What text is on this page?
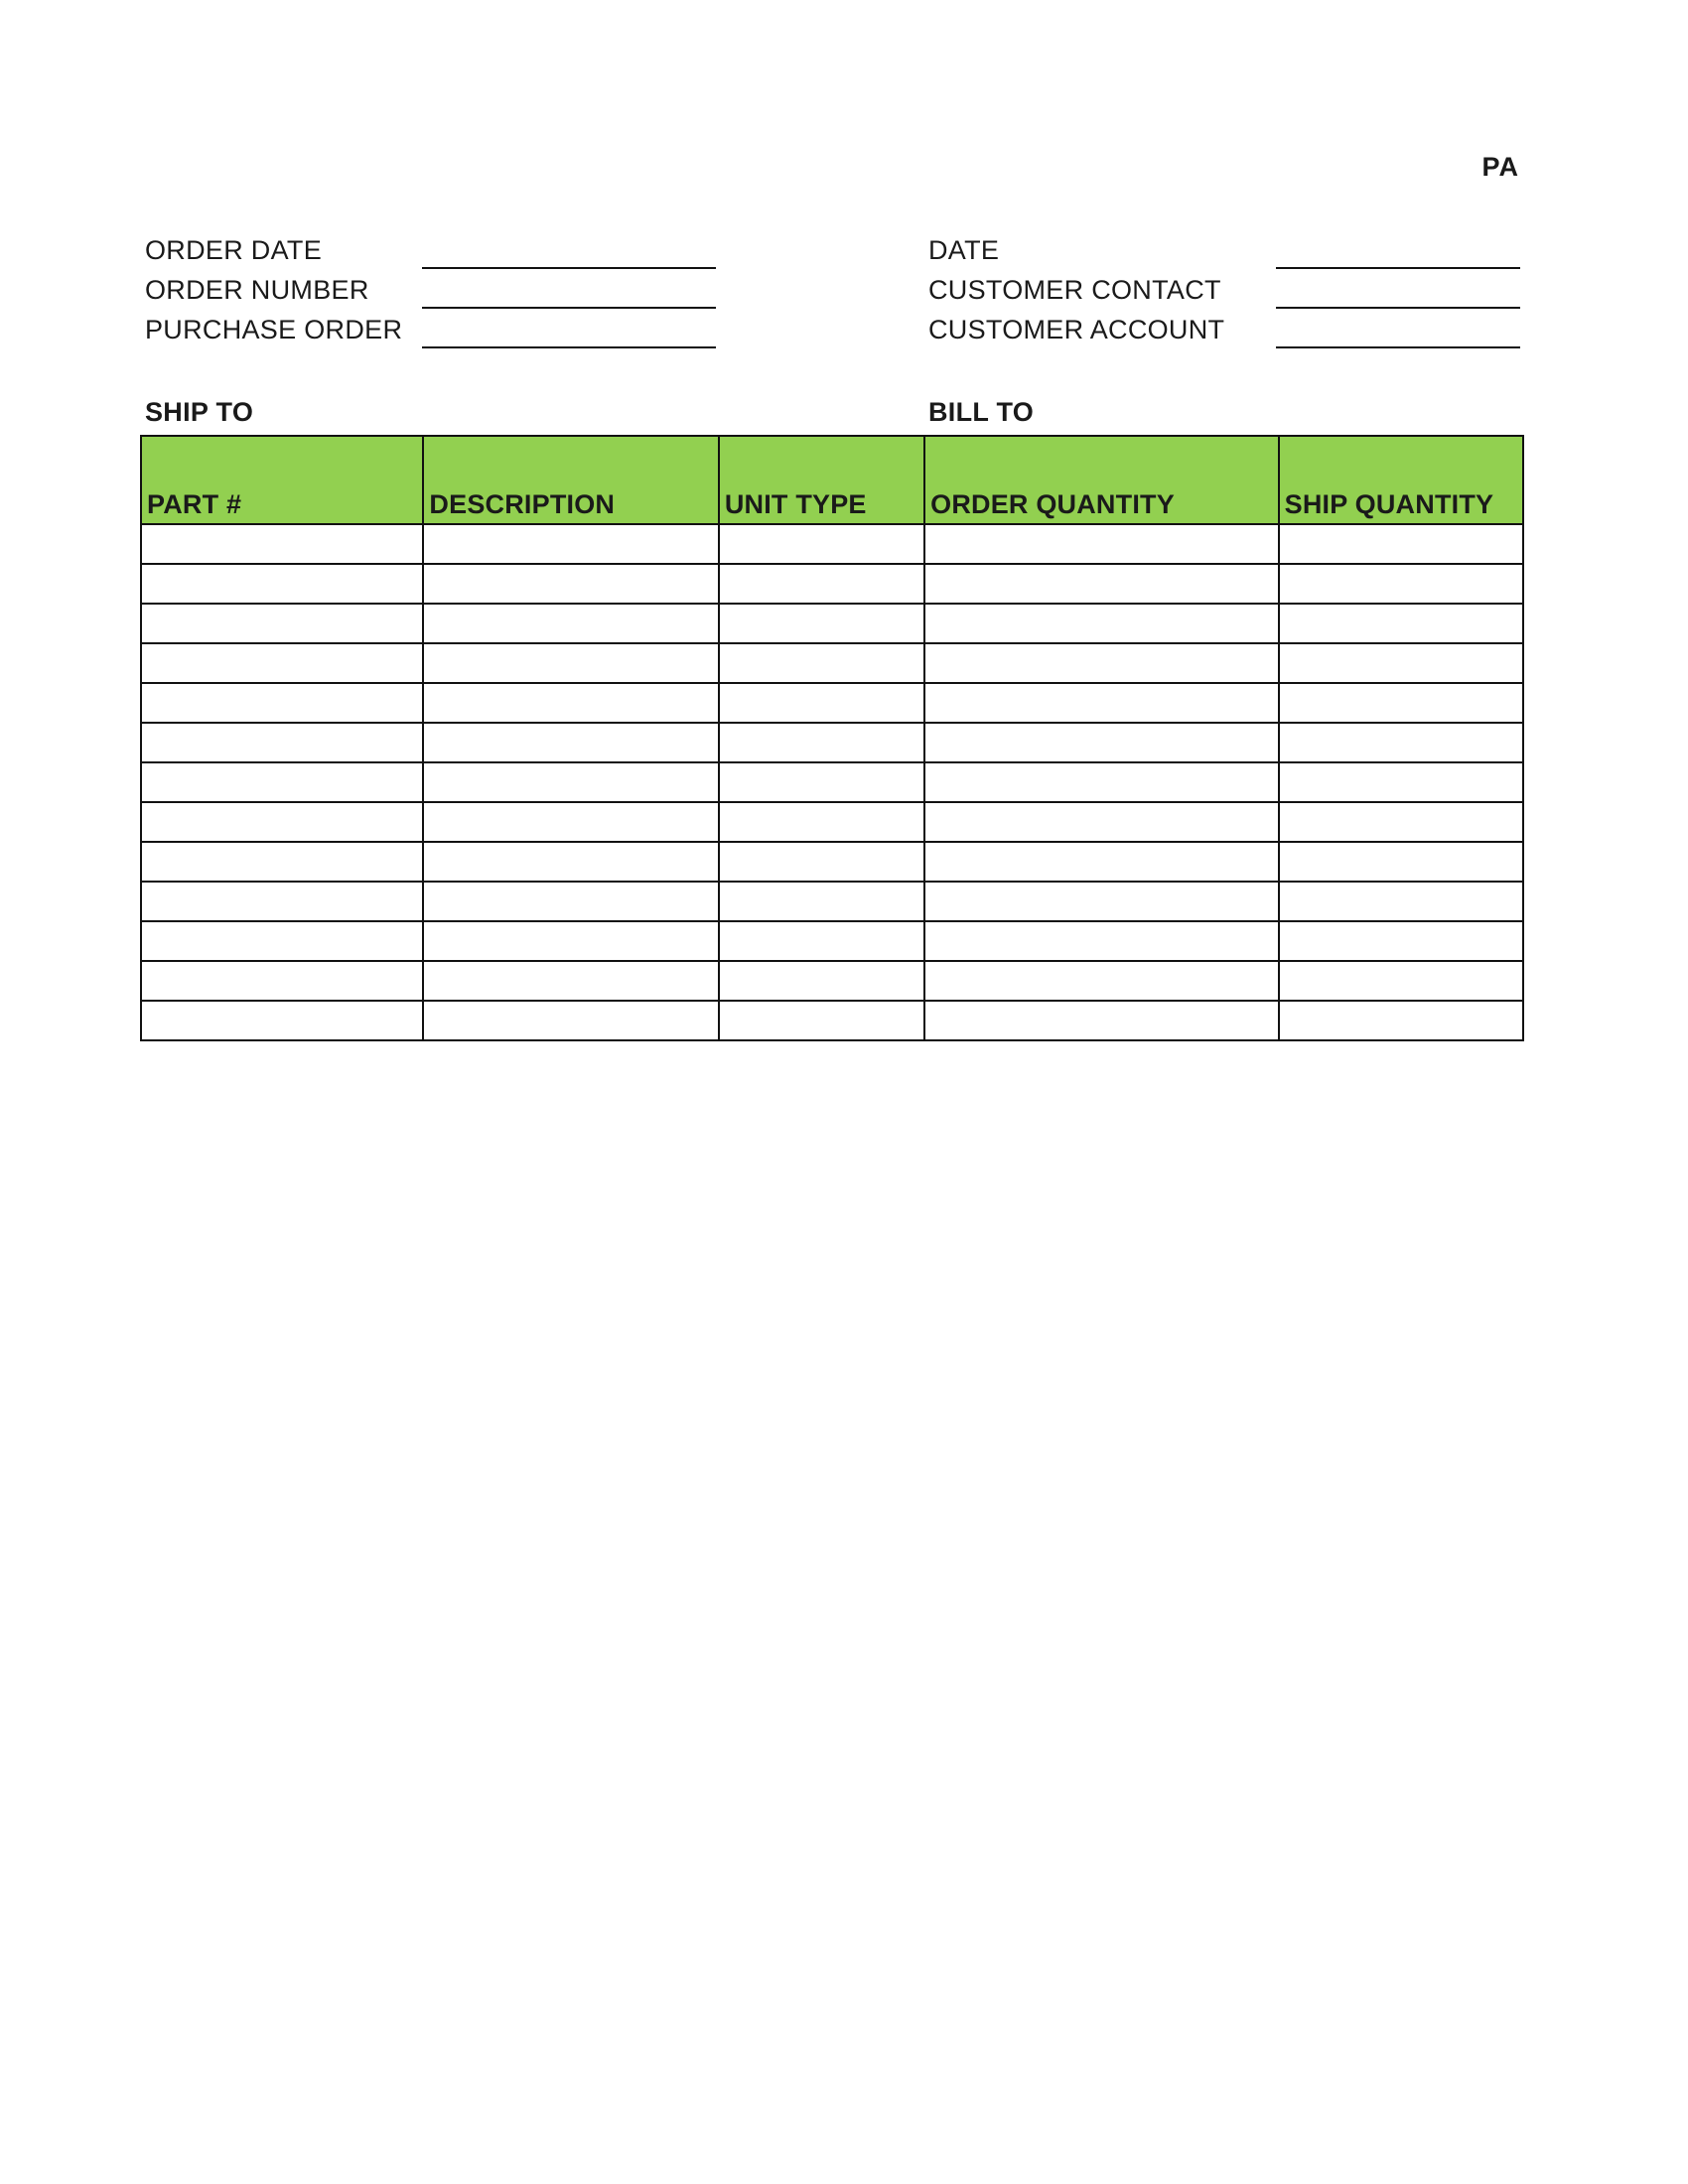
PA
ORDER DATE
ORDER NUMBER
PURCHASE ORDER
DATE
CUSTOMER CONTACT
CUSTOMER ACCOUNT
SHIP TO	BILL TO
PART #	DESCRIPTION	UNIT TYPE	ORDER QUANTITY	SHIP QUANTITY
